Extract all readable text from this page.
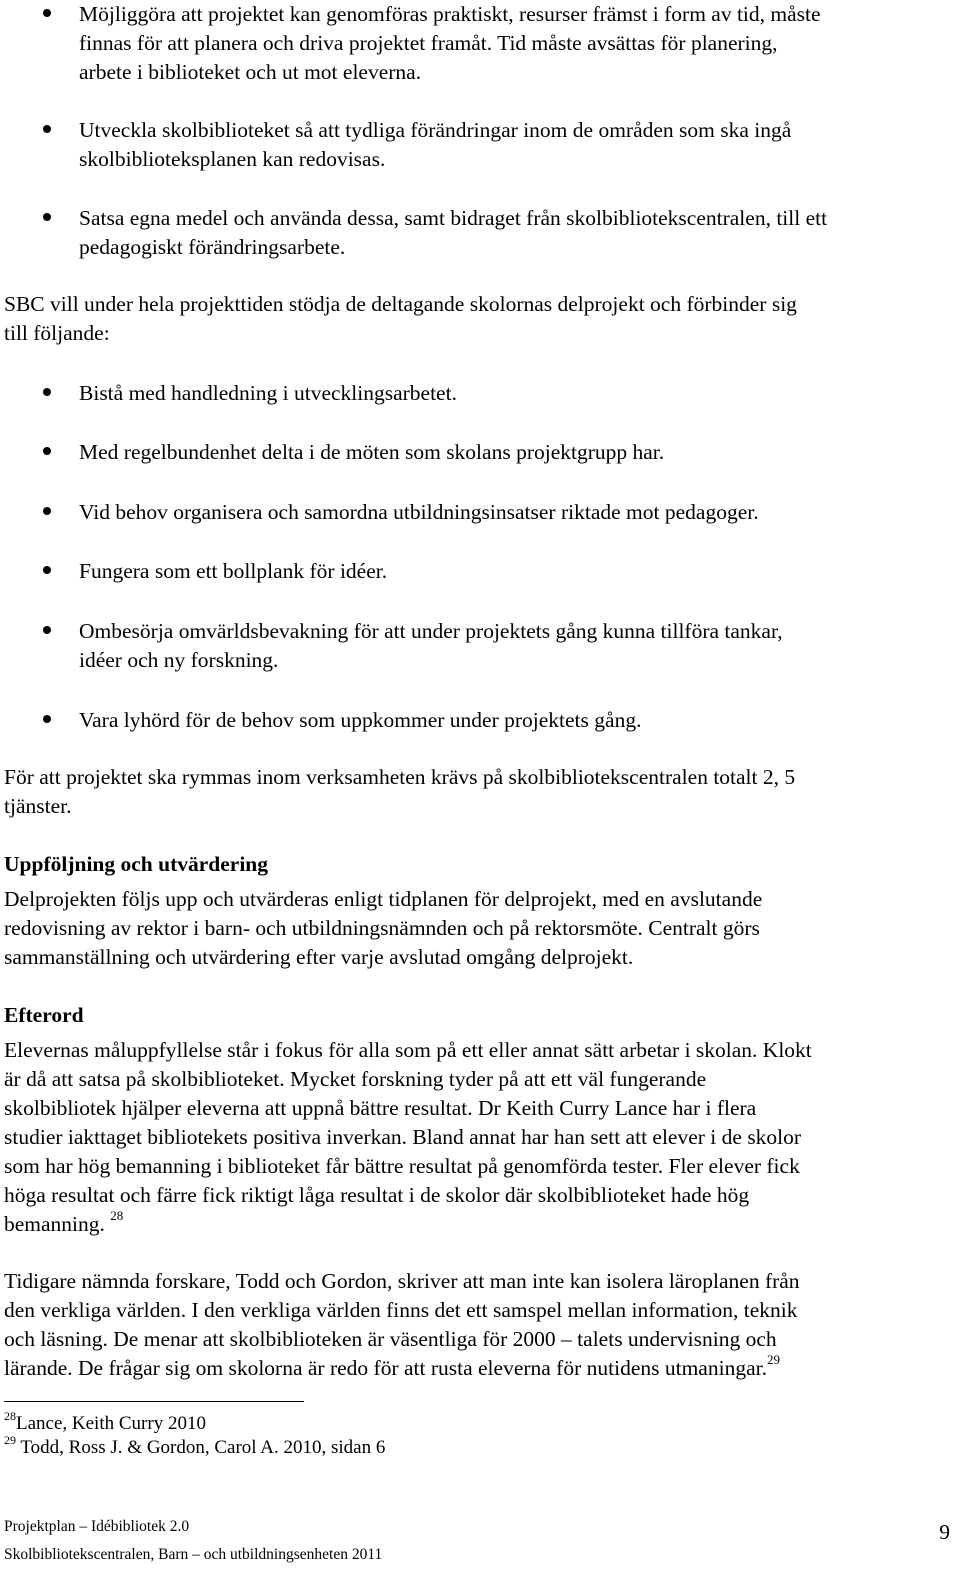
Möjliggöra att projektet kan genomföras praktiskt, resurser främst i form av tid, måste
finnas för att planera och driva projektet framåt. Tid måste avsättas för planering,
arbete i biblioteket och ut mot eleverna.
Utveckla skolbiblioteket så att tydliga förändringar inom de områden som ska ingå
skolbiblioteksplanen kan redovisas.
Satsa egna medel och använda dessa, samt bidraget från skolbibliotekscentralen, till ett
pedagogiskt förändringsarbete.
SBC vill under hela projekttiden stödja de deltagande skolornas delprojekt och förbinder sig
till följande:
Bistå med handledning i utvecklingsarbetet.
Med regelbundenhet delta i de möten som skolans projektgrupp har.
Vid behov organisera och samordna utbildningsinsatser riktade mot pedagoger.
Fungera som ett bollplank för idéer.
Ombesörja omvärldsbevakning för att under projektets gång kunna tillföra tankar,
idéer och ny forskning.
Vara lyhörd för de behov som uppkommer under projektets gång.
För att projektet ska rymmas inom verksamheten krävs på skolbibliotekscentralen totalt 2, 5
tjänster.
Uppföljning och utvärdering
Delprojekten följs upp och utvärderas enligt tidplanen för delprojekt, med en avslutande
redovisning av rektor i barn- och utbildningsnämnden och på rektorsmöte. Centralt görs
sammanställning och utvärdering efter varje avslutad omgång delprojekt.
Efterord
Elevernas måluppfyllelse står i fokus för alla som på ett eller annat sätt arbetar i skolan. Klokt
är då att satsa på skolbiblioteket. Mycket forskning tyder på att ett väl fungerande
skolbibliotek hjälper eleverna att uppnå bättre resultat. Dr Keith Curry Lance har i flera
studier iakttaget bibliotekets positiva inverkan. Bland annat har han sett att elever i de skolor
som har hög bemanning i biblioteket får bättre resultat på genomförda tester. Fler elever fick
höga resultat och färre fick riktigt låga resultat i de skolor där skolbiblioteket hade hög
bemanning. $^{28}$
Tidigare nämnda forskare, Todd och Gordon, skriver att man inte kan isolera läroplanen från
den verkliga världen. I den verkliga världen finns det ett samspel mellan information, teknik
och läsning. De menar att skolbiblioteken är väsentliga för 2000 – talets undervisning och
lärande. De frågar sig om skolorna är redo för att rusta eleverna för nutidens utmaningar.$^{29}$
$^{28}$Lance, Keith Curry 2010
$^{29}$ Todd, Ross J. & Gordon, Carol A. 2010, sidan 6
Projektplan – Idébibliotek 2.0
Skolbibliotekscentralen, Barn – och utbildningsenheten 2011
9
